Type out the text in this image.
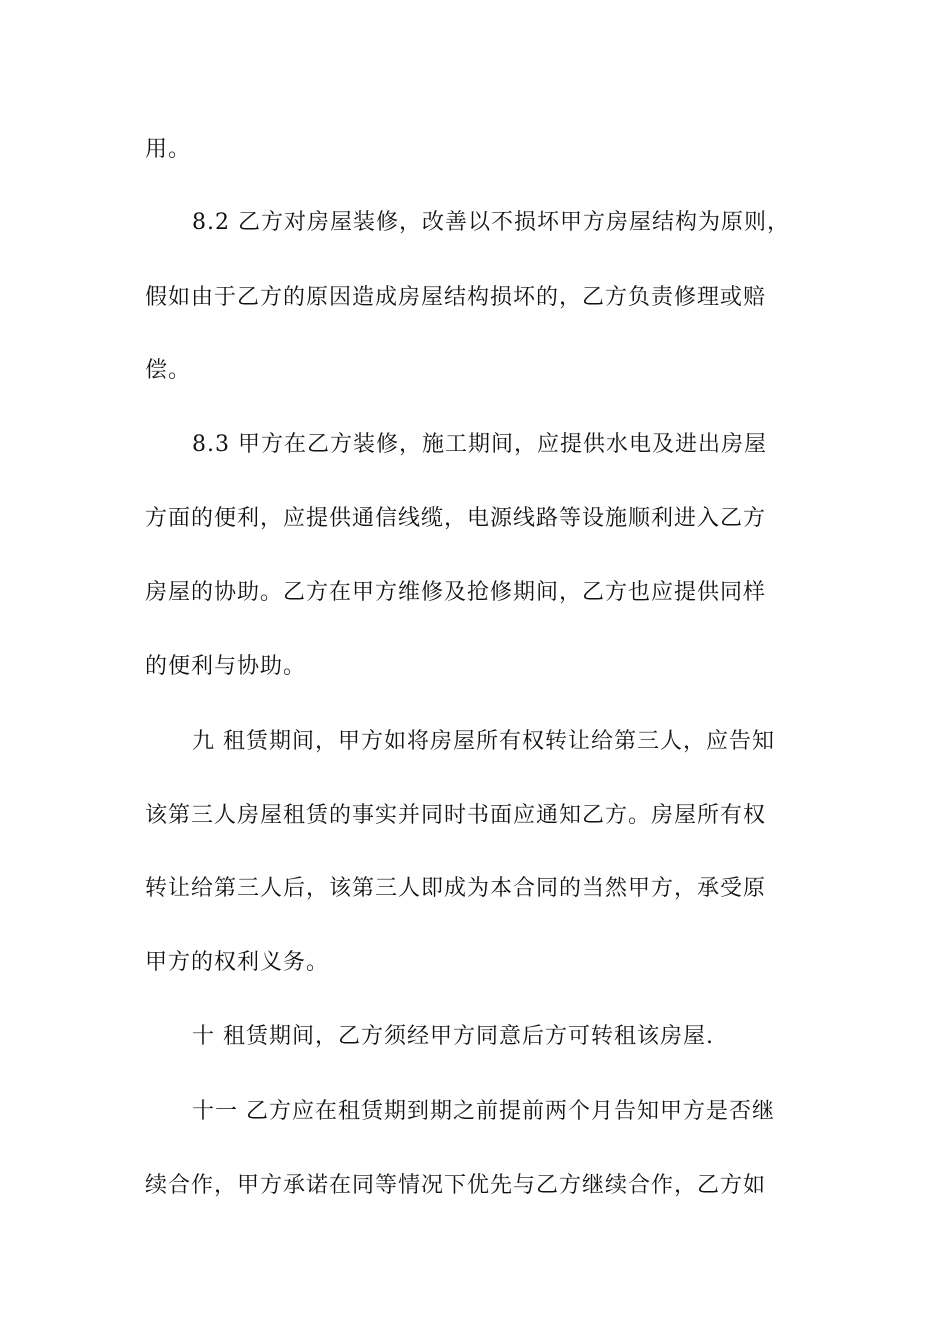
用。
8.2 乙方对房屋装修，改善以不损坏甲方房屋结构为原则，
假如由于乙方的原因造成房屋结构损坏的，乙方负责修理或赔
偿。
8.3 甲方在乙方装修，施工期间，应提供水电及进出房屋
方面的便利，应提供通信线缆，电源线路等设施顺利进入乙方
房屋的协助。乙方在甲方维修及抢修期间，乙方也应提供同样
的便利与协助。
九 租赁期间，甲方如将房屋所有权转让给第三人，应告知
该第三人房屋租赁的事实并同时书面应通知乙方。房屋所有权
转让给第三人后，该第三人即成为本合同的当然甲方，承受原
甲方的权利义务。
十 租赁期间，乙方须经甲方同意后方可转租该房屋.
十一 乙方应在租赁期到期之前提前两个月告知甲方是否继
续合作，甲方承诺在同等情况下优先与乙方继续合作，乙方如
